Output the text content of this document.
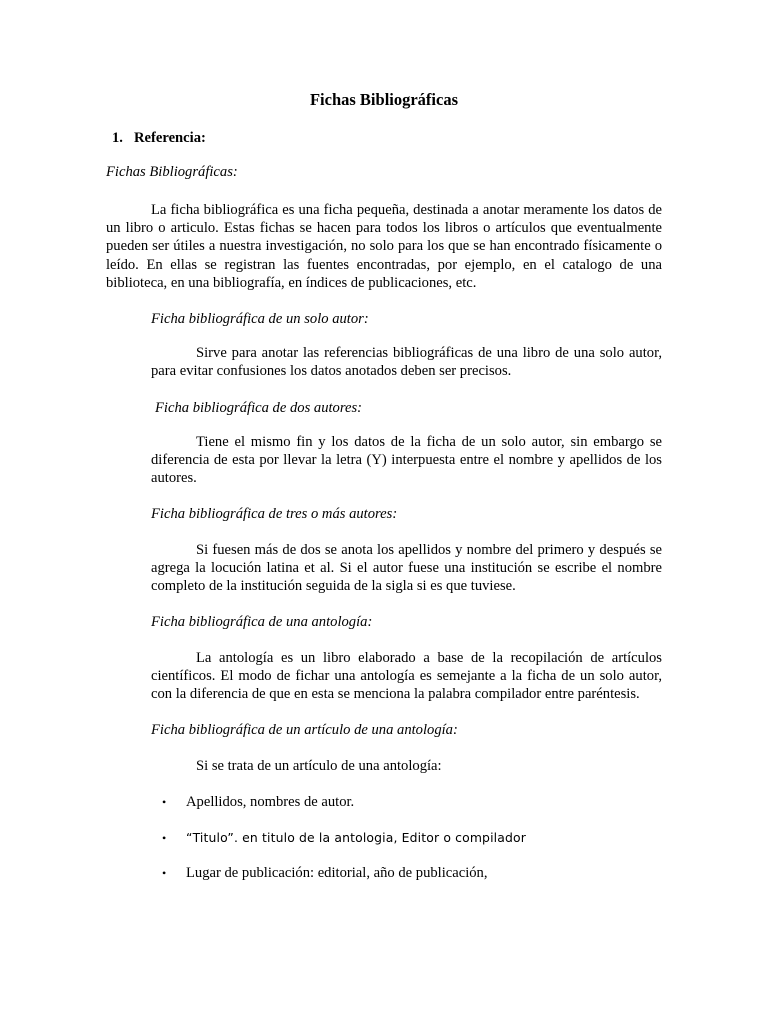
Fichas Bibliográficas
1. Referencia:
Fichas Bibliográficas:
La ficha bibliográfica es una ficha pequeña, destinada a anotar meramente los datos de un libro o articulo. Estas fichas se hacen para todos los libros o artículos que eventualmente pueden ser útiles a nuestra investigación, no solo para los que se han encontrado físicamente o leído. En ellas se registran las fuentes encontradas, por ejemplo, en el catalogo de una biblioteca, en una bibliografía, en índices de publicaciones, etc.
Ficha bibliográfica de un solo autor:
Sirve para anotar las referencias bibliográficas de una libro de una solo autor, para evitar confusiones los datos anotados deben ser precisos.
Ficha bibliográfica de dos autores:
Tiene el mismo fin y los datos de la ficha de un solo autor, sin embargo se diferencia de esta por llevar la letra (Y) interpuesta entre el nombre y apellidos de los autores.
Ficha bibliográfica de tres o más autores:
Si fuesen más de dos se anota los apellidos y nombre del primero y después se agrega la locución latina et al. Si el autor fuese una institución se escribe el nombre completo de la institución seguida de la sigla si es que tuviese.
Ficha bibliográfica de una antología:
La antología es un libro elaborado a base de la recopilación de artículos científicos. El modo de fichar una antología es semejante a la ficha de un solo autor, con la diferencia de que en esta se menciona la palabra compilador entre paréntesis.
Ficha bibliográfica de un artículo de una antología:
Si se trata de un artículo de una antología:
• Apellidos, nombres de autor.
• “Titulo”. en titulo de la antologia, Editor o compilador
• Lugar de publicación: editorial, año de publicación,
